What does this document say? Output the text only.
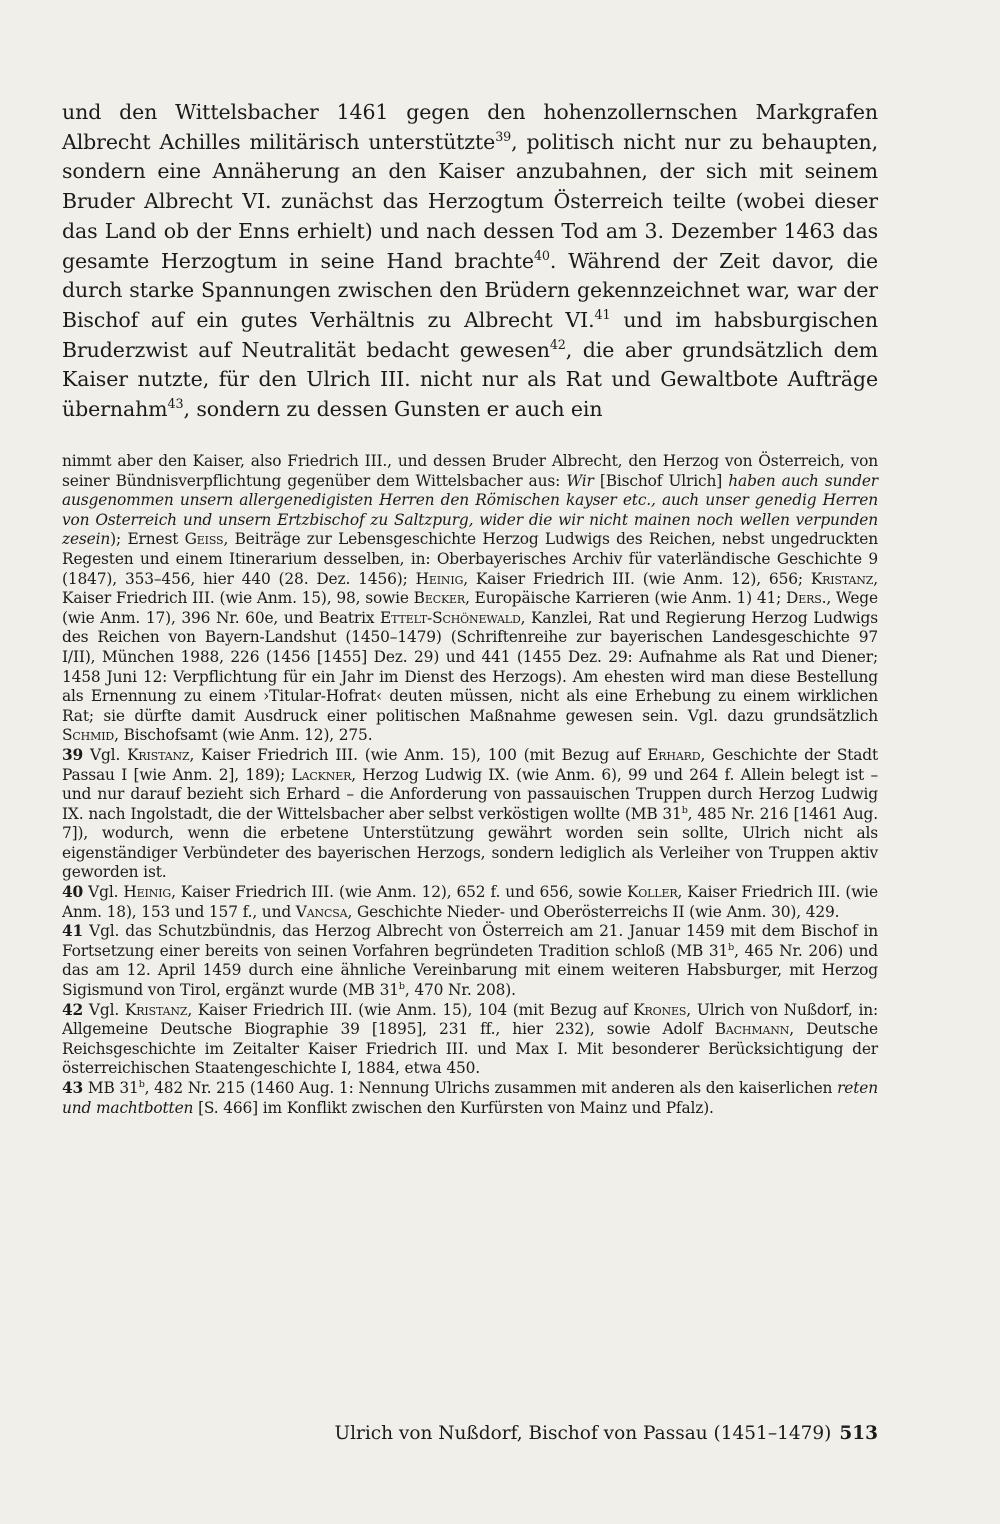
und den Wittelsbacher 1461 gegen den hohenzollernschen Markgrafen Albrecht Achilles militärisch unterstützte$^{39}$, politisch nicht nur zu behaupten, sondern eine Annäherung an den Kaiser anzubahnen, der sich mit seinem Bruder Albrecht VI. zunächst das Herzogtum Österreich teilte (wobei dieser das Land ob der Enns erhielt) und nach dessen Tod am 3. Dezember 1463 das gesamte Herzogtum in seine Hand brachte$^{40}$. Während der Zeit davor, die durch starke Spannungen zwischen den Brüdern gekennzeichnet war, war der Bischof auf ein gutes Verhältnis zu Albrecht VI.$^{41}$ und im habsburgischen Bruderzwist auf Neutralität bedacht gewesen$^{42}$, die aber grundsätzlich dem Kaiser nutzte, für den Ulrich III. nicht nur als Rat und Gewaltbote Aufträge übernahm$^{43}$, sondern zu dessen Gunsten er auch ein

nimmt aber den Kaiser, also Friedrich III., und dessen Bruder Albrecht, den Herzog von Österreich, von seiner Bündnisverpflichtung gegenüber dem Wittelsbacher aus: Wir [Bischof Ulrich] haben auch sunder ausgenommen unsern allergenedigisten Herren den Römischen kayser etc., auch unser genedig Herren von Osterreich und unsern Ertzbischof zu Saltzpurg, wider die wir nicht mainen noch wellen verpunden zesein); Ernest Geiss, Beiträge zur Lebensgeschichte Herzog Ludwigs des Reichen, nebst ungedruckten Regesten und einem Itinerarium desselben, in: Oberbayerisches Archiv für vaterländische Geschichte 9 (1847), 353–456, hier 440 (28. Dez. 1456); Heinig, Kaiser Friedrich III. (wie Anm. 12), 656; Kristanz, Kaiser Friedrich III. (wie Anm. 15), 98, sowie Becker, Europäische Karrieren (wie Anm. 1) 41; Ders., Wege (wie Anm. 17), 396 Nr. 60e, und Beatrix Ettelt-Schönewald, Kanzlei, Rat und Regierung Herzog Ludwigs des Reichen von Bayern-Landshut (1450–1479) (Schriftenreihe zur bayerischen Landesgeschichte 97 I/II), München 1988, 226 (1456 [1455] Dez. 29) und 441 (1455 Dez. 29: Aufnahme als Rat und Diener; 1458 Juni 12: Verpflichtung für ein Jahr im Dienst des Herzogs). Am ehesten wird man diese Bestellung als Ernennung zu einem ›Titular-Hofrat‹ deuten müssen, nicht als eine Erhebung zu einem wirklichen Rat; sie dürfte damit Ausdruck einer politischen Maßnahme gewesen sein. Vgl. dazu grundsätzlich Schmid, Bischofsamt (wie Anm. 12), 275.

39 Vgl. Kristanz, Kaiser Friedrich III. (wie Anm. 15), 100 (mit Bezug auf Erhard, Geschichte der Stadt Passau I [wie Anm. 2], 189); Lackner, Herzog Ludwig IX. (wie Anm. 6), 99 und 264 f. Allein belegt ist – und nur darauf bezieht sich Erhard – die Anforderung von passauischen Truppen durch Herzog Ludwig IX. nach Ingolstadt, die der Wittelsbacher aber selbst verköstigen wollte (MB 31$^b$, 485 Nr. 216 [1461 Aug. 7]), wodurch, wenn die erbetene Unterstützung gewährt worden sein sollte, Ulrich nicht als eigenständiger Verbündeter des bayerischen Herzogs, sondern lediglich als Verleiher von Truppen aktiv geworden ist.

40 Vgl. Heinig, Kaiser Friedrich III. (wie Anm. 12), 652 f. und 656, sowie Koller, Kaiser Friedrich III. (wie Anm. 18), 153 und 157 f., und Vancsa, Geschichte Nieder- und Oberösterreichs II (wie Anm. 30), 429.

41 Vgl. das Schutzbündnis, das Herzog Albrecht von Österreich am 21. Januar 1459 mit dem Bischof in Fortsetzung einer bereits von seinen Vorfahren begründeten Tradition schloß (MB 31$^b$, 465 Nr. 206) und das am 12. April 1459 durch eine ähnliche Vereinbarung mit einem weiteren Habsburger, mit Herzog Sigismund von Tirol, ergänzt wurde (MB 31$^b$, 470 Nr. 208).

42 Vgl. Kristanz, Kaiser Friedrich III. (wie Anm. 15), 104 (mit Bezug auf Krones, Ulrich von Nußdorf, in: Allgemeine Deutsche Biographie 39 [1895], 231 ff., hier 232), sowie Adolf Bachmann, Deutsche Reichsgeschichte im Zeitalter Kaiser Friedrich III. und Max I. Mit besonderer Berücksichtigung der österreichischen Staatengeschichte I, 1884, etwa 450.

43 MB 31$^b$, 482 Nr. 215 (1460 Aug. 1: Nennung Ulrichs zusammen mit anderen als den kaiserlichen reten und machtbotten [S. 466] im Konflikt zwischen den Kurfürsten von Mainz und Pfalz).

Ulrich von Nußdorf, Bischof von Passau (1451–1479) 513
